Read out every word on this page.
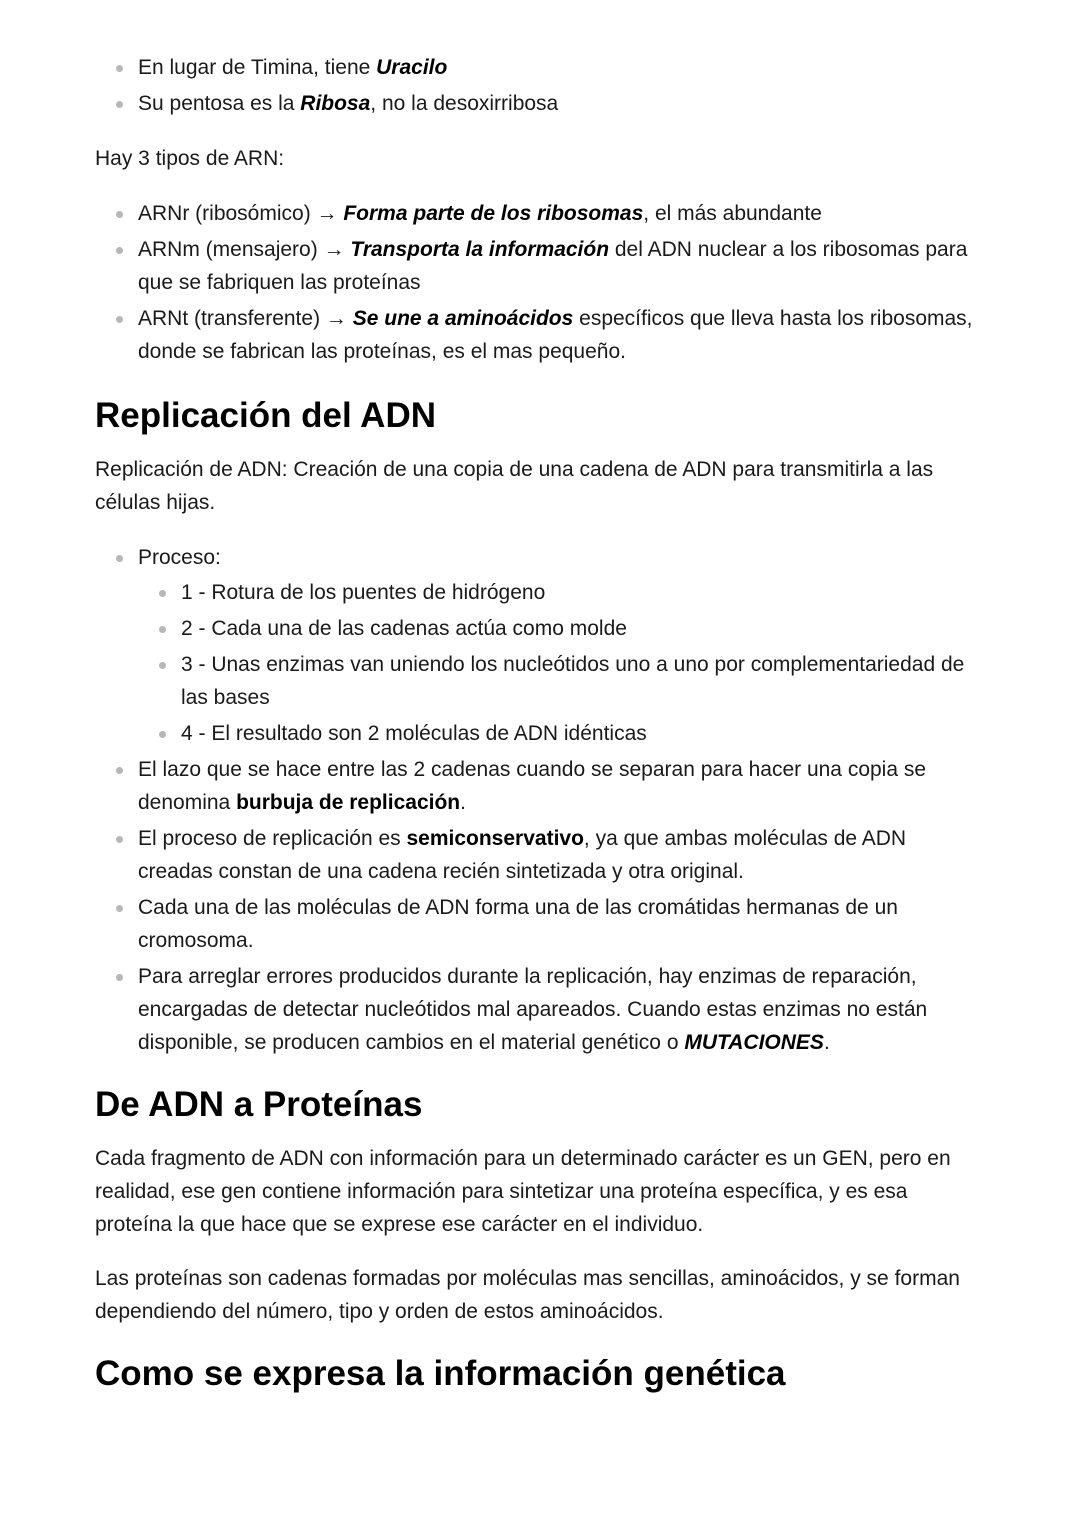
En lugar de Timina, tiene Uracilo
Su pentosa es la Ribosa, no la desoxirribosa

Hay 3 tipos de ARN:

ARNr (ribosómico) → Forma parte de los ribosomas, el más abundante
ARNm (mensajero) → Transporta la información del ADN nuclear a los ribosomas para que se fabriquen las proteínas
ARNt (transferente) → Se une a aminoácidos específicos que lleva hasta los ribosomas, donde se fabrican las proteínas, es el mas pequeño.
Replicación del ADN

Replicación de ADN: Creación de una copia de una cadena de ADN para transmitirla a las células hijas.

Proceso:
1 - Rotura de los puentes de hidrógeno
2 - Cada una de las cadenas actúa como molde
3 - Unas enzimas van uniendo los nucleótidos uno a uno por complementariedad de las bases
4 - El resultado son 2 moléculas de ADN idénticas
El lazo que se hace entre las 2 cadenas cuando se separan para hacer una copia se denomina burbuja de replicación.
El proceso de replicación es semiconservativo, ya que ambas moléculas de ADN creadas constan de una cadena recién sintetizada y otra original.
Cada una de las moléculas de ADN forma una de las cromátidas hermanas de un cromosoma.
Para arreglar errores producidos durante la replicación, hay enzimas de reparación, encargadas de detectar nucleótidos mal apareados. Cuando estas enzimas no están disponible, se producen cambios en el material genético o MUTACIONES.
De ADN a Proteínas

Cada fragmento de ADN con información para un determinado carácter es un GEN, pero en realidad, ese gen contiene información para sintetizar una proteína específica, y es esa proteína la que hace que se exprese ese carácter en el individuo.

Las proteínas son cadenas formadas por moléculas mas sencillas, aminoácidos, y se forman dependiendo del número, tipo y orden de estos aminoácidos.

Como se expresa la información genética
